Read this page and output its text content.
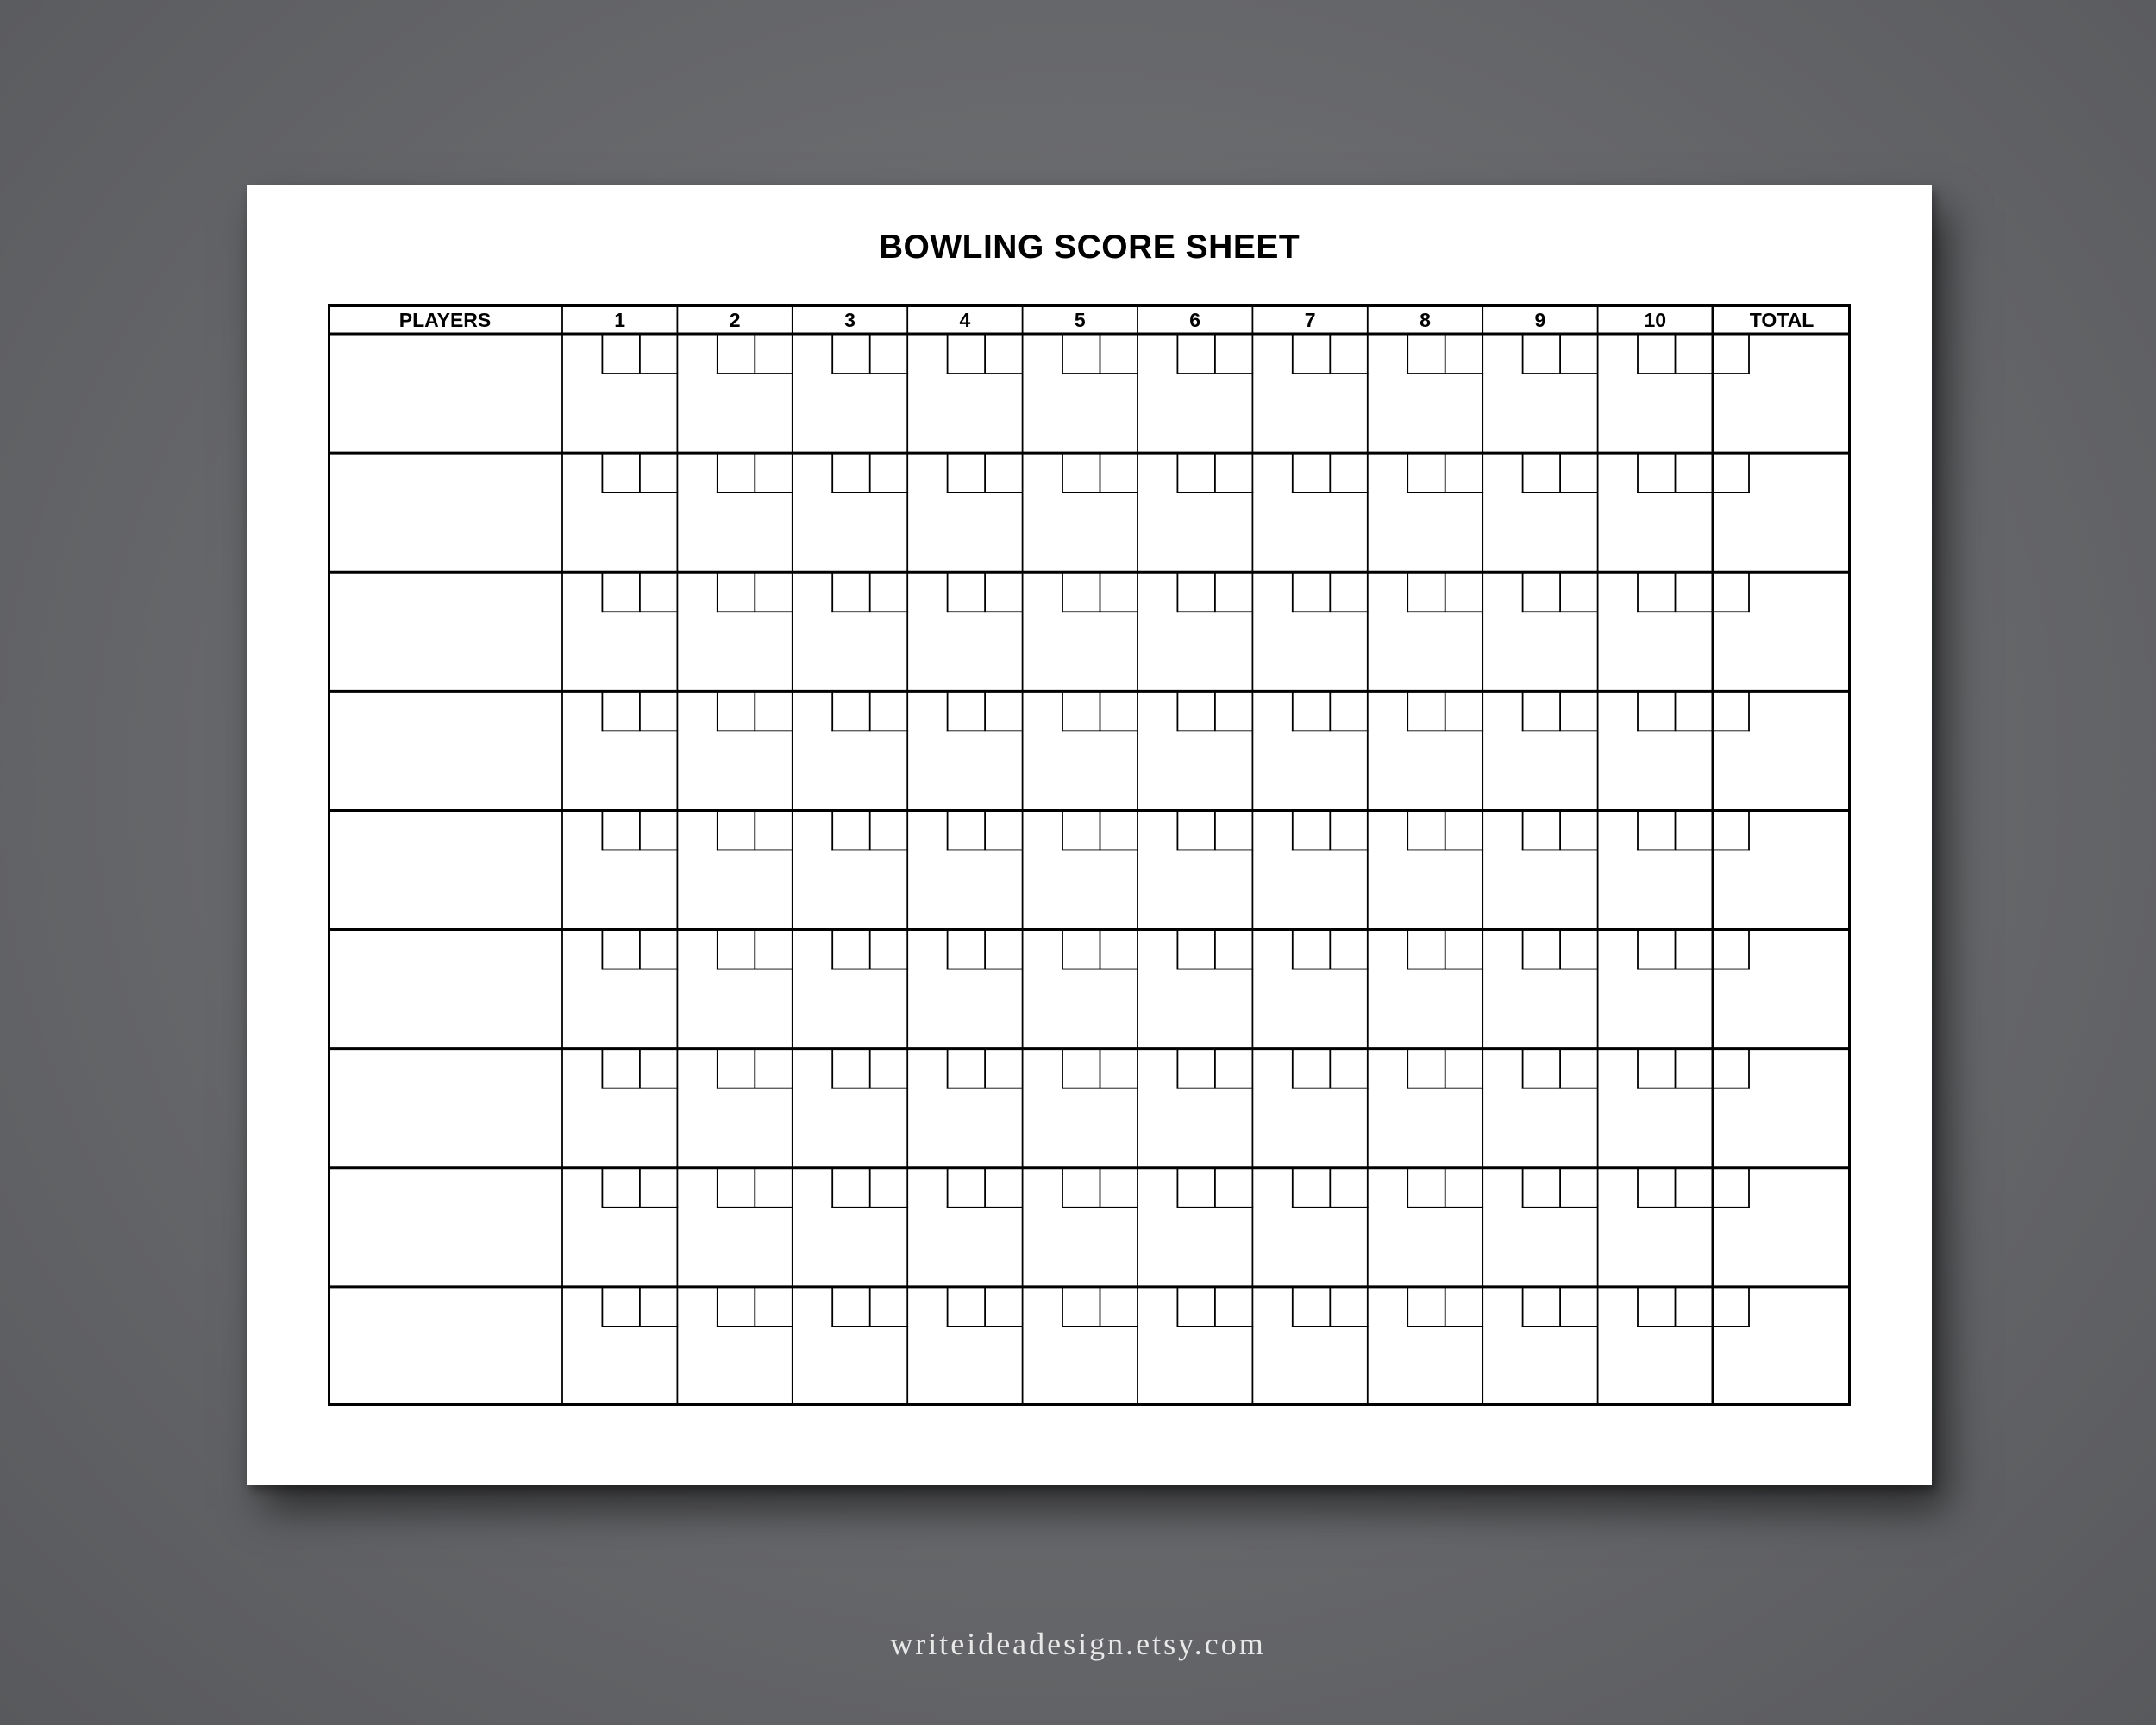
BOWLING SCORE SHEET
PLAYERS	1	2	3	4	5	6	7	8	9	10	TOTAL
writeideadesign.etsy.com
